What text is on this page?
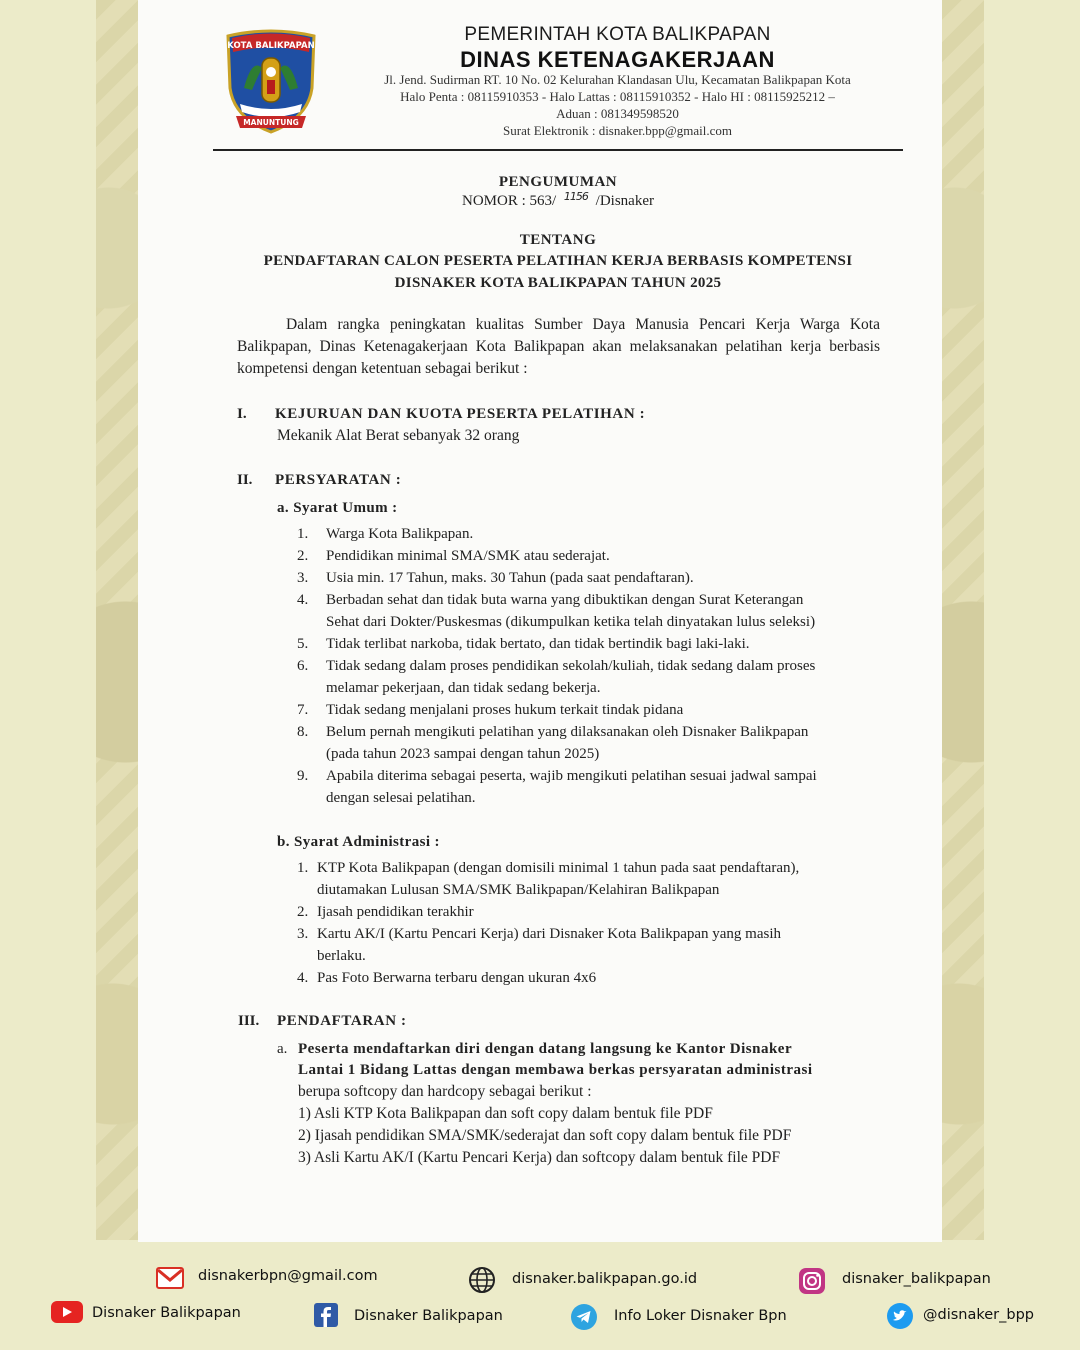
KOTA BALIKPAPAN
MANUNTUNG
PEMERINTAH KOTA BALIKPAPAN
DINAS KETENAGAKERJAAN
Jl. Jend. Sudirman RT. 10 No. 02 Kelurahan Klandasan Ulu, Kecamatan Balikpapan Kota
Halo Penta : 08115910353 - Halo Lattas : 08115910352 - Halo HI : 08115925212 –
Aduan : 081349598520
Surat Elektronik : disnaker.bpp@gmail.com
PENGUMUMAN
NOMOR : 563/ $^{1156}$ /Disnaker
TENTANG
PENDAFTARAN CALON PESERTA PELATIHAN KERJA BERBASIS KOMPETENSI
DISNAKER KOTA BALIKPAPAN TAHUN 2025
Dalam rangka peningkatan kualitas Sumber Daya Manusia Pencari Kerja Warga Kota Balikpapan, Dinas Ketenagakerjaan Kota Balikpapan akan melaksanakan pelatihan kerja berbasis kompetensi dengan ketentuan sebagai berikut :
I. KEJURUAN DAN KUOTA PESERTA PELATIHAN :
Mekanik Alat Berat sebanyak 32 orang
II. PERSYARATAN :
a. Syarat Umum :
1. Warga Kota Balikpapan.
2. Pendidikan minimal SMA/SMK atau sederajat.
3. Usia min. 17 Tahun, maks. 30 Tahun (pada saat pendaftaran).
4. Berbadan sehat dan tidak buta warna yang dibuktikan dengan Surat Keterangan
Sehat dari Dokter/Puskesmas (dikumpulkan ketika telah dinyatakan lulus seleksi)
5. Tidak terlibat narkoba, tidak bertato, dan tidak bertindik bagi laki-laki.
6. Tidak sedang dalam proses pendidikan sekolah/kuliah, tidak sedang dalam proses
melamar pekerjaan, dan tidak sedang bekerja.
7. Tidak sedang menjalani proses hukum terkait tindak pidana
8. Belum pernah mengikuti pelatihan yang dilaksanakan oleh Disnaker Balikpapan
(pada tahun 2023 sampai dengan tahun 2025)
9. Apabila diterima sebagai peserta, wajib mengikuti pelatihan sesuai jadwal sampai
dengan selesai pelatihan.
b. Syarat Administrasi :
1. KTP Kota Balikpapan (dengan domisili minimal 1 tahun pada saat pendaftaran),
diutamakan Lulusan SMA/SMK Balikpapan/Kelahiran Balikpapan
2. Ijasah pendidikan terakhir
3. Kartu AK/I (Kartu Pencari Kerja) dari Disnaker Kota Balikpapan yang masih
berlaku.
4. Pas Foto Berwarna terbaru dengan ukuran 4x6
III. PENDAFTARAN :
a. Peserta mendaftarkan diri dengan datang langsung ke Kantor Disnaker
Lantai 1 Bidang Lattas dengan membawa berkas persyaratan administrasi
berupa softcopy dan hardcopy sebagai berikut :
1) Asli KTP Kota Balikpapan dan soft copy dalam bentuk file PDF
2) Ijasah pendidikan SMA/SMK/sederajat dan soft copy dalam bentuk file PDF
3) Asli Kartu AK/I (Kartu Pencari Kerja) dan softcopy dalam bentuk file PDF
disnakerbpn@gmail.com	disnaker.balikpapan.go.id	disnaker_balikpapan
Disnaker Balikpapan	Disnaker Balikpapan	Info Loker Disnaker Bpn	@disnaker_bpp
